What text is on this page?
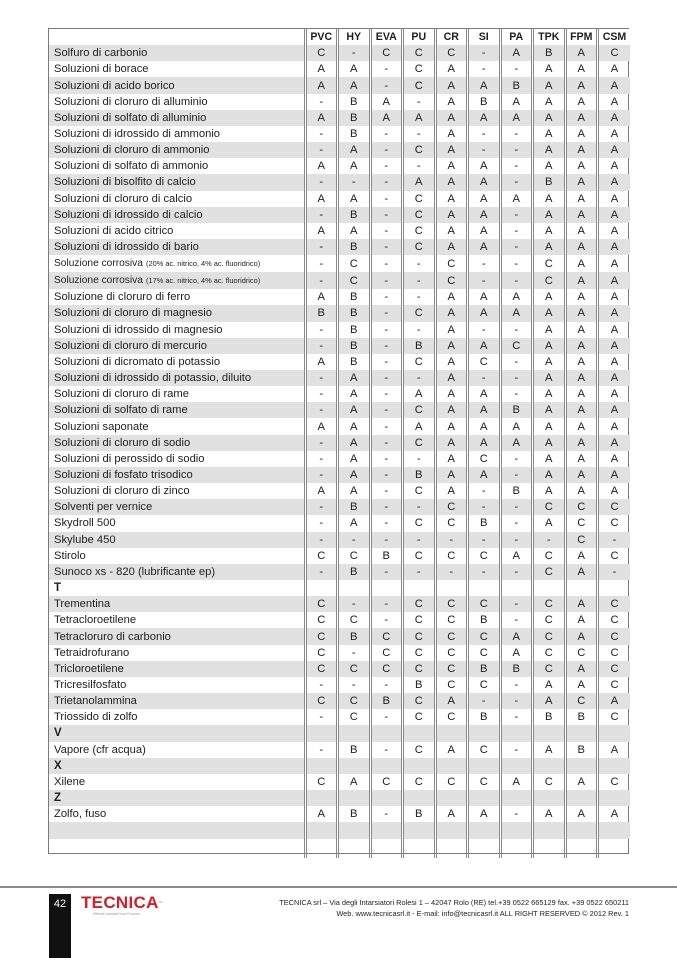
	PVC	HY	EVA	PU	CR	SI	PA	TPK	FPM	CSM
Solfuro di carbonio	C	-	C	C	C	-	A	B	A	C
Soluzioni di borace	A	A	-	C	A	-	-	A	A	A
Soluzioni di acido borico	A	A	-	C	A	A	B	A	A	A
Soluzioni di cloruro di alluminio	-	B	A	-	A	B	A	A	A	A
Soluzioni di solfato di alluminio	A	B	A	A	A	A	A	A	A	A
Soluzioni di idrossido di ammonio	-	B	-	-	A	-	-	A	A	A
Soluzioni di cloruro di ammonio	-	A	-	C	A	-	-	A	A	A
Soluzioni di solfato di ammonio	A	A	-	-	A	A	-	A	A	A
Soluzioni di bisolfito di calcio	-	-	-	A	A	A	-	B	A	A
Soluzioni di cloruro di calcio	A	A	-	C	A	A	A	A	A	A
Soluzioni di idrossido di calcio	-	B	-	C	A	A	-	A	A	A
Soluzioni di acido citrico	A	A	-	C	A	A	-	A	A	A
Soluzioni di idrossido di bario	-	B	-	C	A	A	-	A	A	A
Soluzione corrosiva (20% ac. nitrico, 4% ac. fluoridrico)	-	C	-	-	C	-	-	C	A	A
Soluzione corrosiva (17% ac. nitrico, 4% ac. fluoridrico)	-	C	-	-	C	-	-	C	A	A
Soluzione di cloruro di ferro	A	B	-	-	A	A	A	A	A	A
Soluzioni di cloruro di magnesio	B	B	-	C	A	A	A	A	A	A
Soluzioni di idrossido di magnesio	-	B	-	-	A	-	-	A	A	A
Soluzioni di cloruro di mercurio	-	B	-	B	A	A	C	A	A	A
Soluzioni di dicromato di potassio	A	B	-	C	A	C	-	A	A	A
Soluzioni di idrossido di potassio, diluito	-	A	-	-	A	-	-	A	A	A
Soluzioni di cloruro di rame	-	A	-	A	A	A	-	A	A	A
Soluzioni di solfato di rame	-	A	-	C	A	A	B	A	A	A
Soluzioni saponate	A	A	-	A	A	A	A	A	A	A
Soluzioni di cloruro di sodio	-	A	-	C	A	A	A	A	A	A
Soluzioni di perossido di sodio	-	A	-	-	A	C	-	A	A	A
Soluzioni di fosfato trisodico	-	A	-	B	A	A	-	A	A	A
Soluzioni di cloruro di zinco	A	A	-	C	A	-	B	A	A	A
Solventi per vernice	-	B	-	-	C	-	-	C	C	C
Skydroll 500	-	A	-	C	C	B	-	A	C	C
Skylube 450	-	-	-	-	-	-	-	-	C	-
Stirolo	C	C	B	C	C	C	A	C	A	C
Sunoco xs - 820 (lubrificante ep)	-	B	-	-	-	-	-	C	A	-
T										
Trementina	C	-	-	C	C	C	-	C	A	C
Tetracloroetilene	C	C	-	C	C	B	-	C	A	C
Tetracloruro di carbonio	C	B	C	C	C	C	A	C	A	C
Tetraidrofurano	C	-	C	C	C	C	A	C	C	C
Tricloroetilene	C	C	C	C	C	B	B	C	A	C
Tricresilfosfato	-	-	-	B	C	C	-	A	A	C
Trietanolammina	C	C	B	C	A	-	-	A	C	A
Triossido di zolfo	-	C	-	C	C	B	-	B	B	C
V										
Vapore (cfr acqua)	-	B	-	C	A	C	-	A	B	A
X										
Xilene	C	A	C	C	C	C	A	C	A	C
Z										
Zolfo, fuso	A	B	-	B	A	A	-	A	A	A

42 TECNICA™
Efficient Industrial Hose Products
TECNICA srl – Via degli Intarsiatori Rolesi 1 – 42047 Rolo (RE) tel.+39 0522 665129 fax. +39 0522 650211
Web. www.tecnicasrl.it - E-mail: info@tecnicasrl.it ALL RIGHT RESERVED © 2012 Rev. 1
